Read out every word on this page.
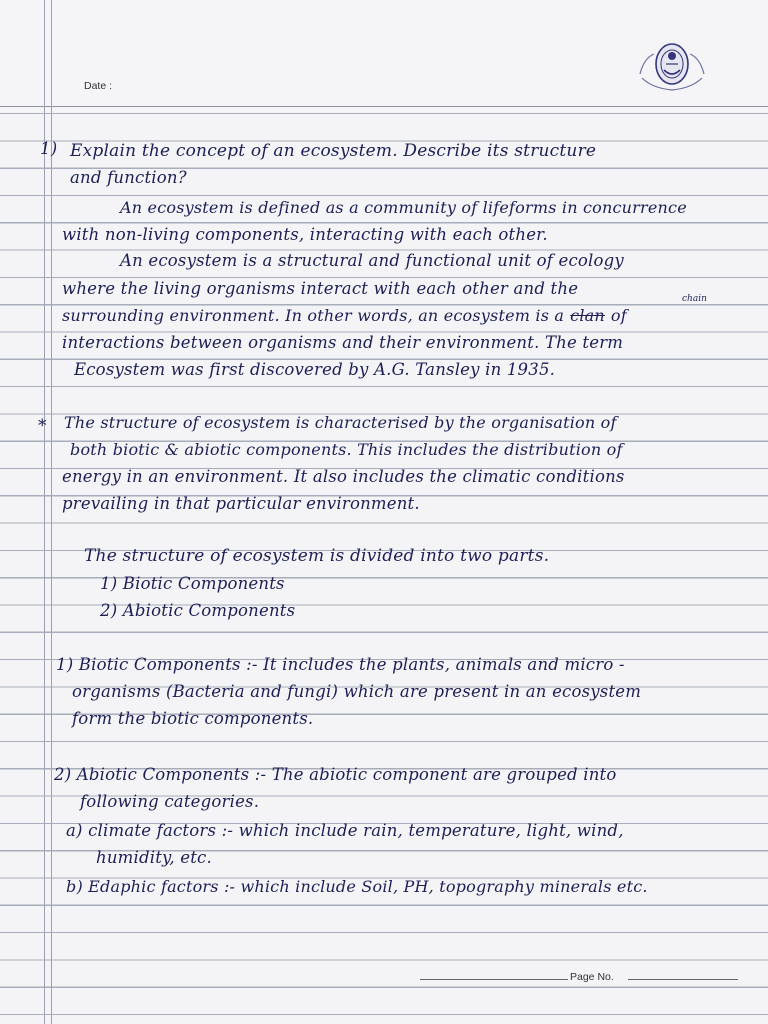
Date :
1) Explain the concept of an ecosystem. Describe its structure
and function?
An ecosystem is defined as a community of lifeforms in concurrence
with non-living components, interacting with each other.
An ecosystem is a structural and functional unit of ecology
where the living organisms interact with each other and the
chain
surrounding environment. In other words, an ecosystem is a clan of
interactions between organisms and their environment. The term
Ecosystem was first discovered by A.G. Tansley in 1935.
* The structure of ecosystem is characterised by the organisation of
both biotic & abiotic components. This includes the distribution of
energy in an environment. It also includes the climatic conditions
prevailing in that particular environment.
The structure of ecosystem is divided into two parts.
1) Biotic Components
2) Abiotic Components
1) Biotic Components :- It includes the plants, animals and micro -
organisms (Bacteria and fungi) which are present in an ecosystem
form the biotic components.
2) Abiotic Components :- The abiotic component are grouped into
following categories.
a) climate factors :- which include rain, temperature, light, wind,
humidity, etc.
b) Edaphic factors :- which include Soil, PH, topography minerals etc.
Page No.
